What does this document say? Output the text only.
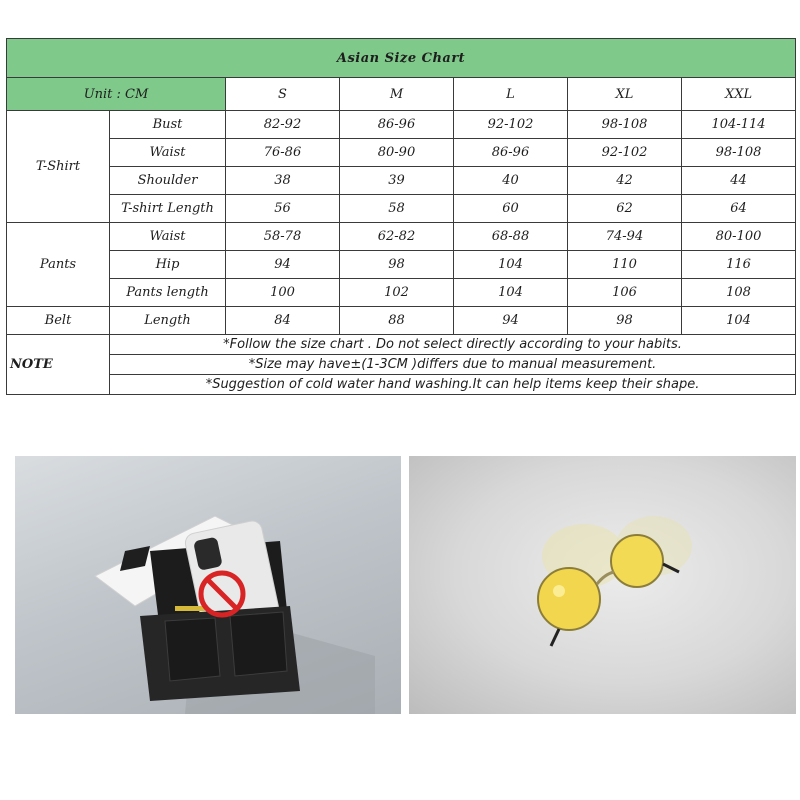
Asian Size Chart						
Unit : CM		S	M	L	XL	XXL
T-Shirt	Bust	82-92	86-96	92-102	98-108	104-114
	Waist	76-86	80-90	86-96	92-102	98-108
	Shoulder	38	39	40	42	44
	T-shirt Length	56	58	60	62	64
Pants	Waist	58-78	62-82	68-88	74-94	80-100
	Hip	94	98	104	110	116
	Pants length	100	102	104	106	108
Belt	Length	84	88	94	98	104
NOTE	*Follow the size chart . Do not select directly according to your habits.					
	*Size may have±(1-3CM )differs due to manual measurement.					
	*Suggestion of cold water hand washing.It can help items keep their shape.					
